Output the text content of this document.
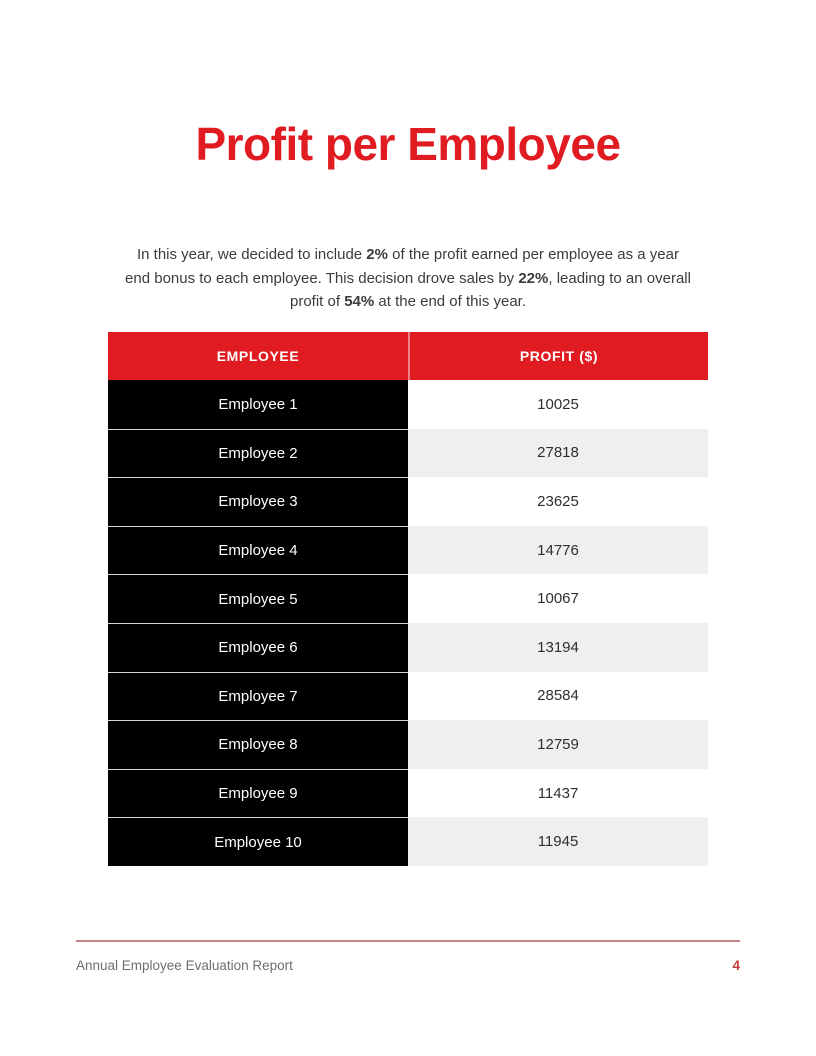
Profit per Employee

In this year, we decided to include 2% of the profit earned per employee as a year end bonus to each employee. This decision drove sales by 22%, leading to an overall profit of 54% at the end of this year.

EMPLOYEE	PROFIT ($)
Employee 1	10025
Employee 2	27818
Employee 3	23625
Employee 4	14776
Employee 5	10067
Employee 6	13194
Employee 7	28584
Employee 8	12759
Employee 9	11437
Employee 10	11945
Annual Employee Evaluation Report	4
